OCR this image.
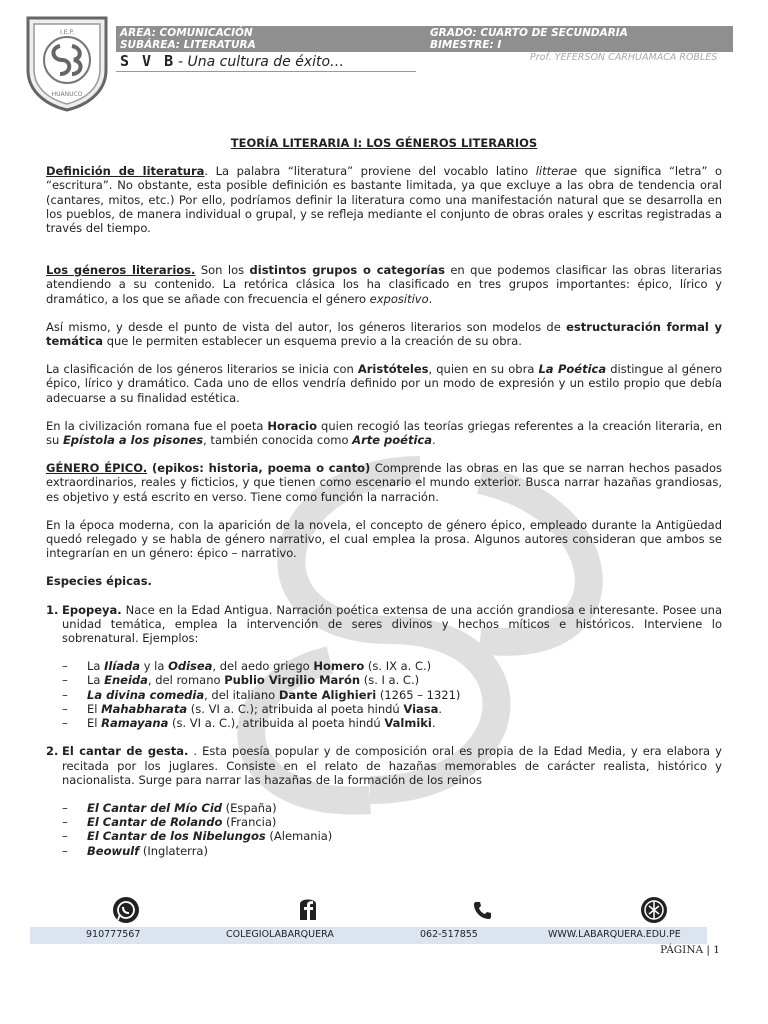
I.E.P.
HUANUCO
AREA: COMUNICACIÓN
SUBÁREA: LITERATURA
GRADO: CUARTO DE SECUNDARIA
BIMESTRE: I
S V B - Una cultura de éxito…	Prof. YEFERSON CARHUAMACA ROBLES
TEORÍA LITERARIA I: LOS GÉNEROS LITERARIOS

Definición de literatura. La palabra “literatura” proviene del vocablo latino litterae que significa “letra” o “escritura”. No obstante, esta posible definición es bastante limitada, ya que excluye a las obra de tendencia oral (cantares, mitos, etc.) Por ello, podríamos definir la literatura como una manifestación natural que se desarrolla en los pueblos, de manera individual o grupal, y se refleja mediante el conjunto de obras orales y escritas registradas a través del tiempo.

Los géneros literarios. Son los distintos grupos o categorías en que podemos clasificar las obras literarias atendiendo a su contenido. La retórica clásica los ha clasificado en tres grupos importantes: épico, lírico y dramático, a los que se añade con frecuencia el género expositivo.

Así mismo, y desde el punto de vista del autor, los géneros literarios son modelos de estructuración formal y temática que le permiten establecer un esquema previo a la creación de su obra.

La clasificación de los géneros literarios se inicia con Aristóteles, quien en su obra La Poética distingue al género épico, lírico y dramático. Cada uno de ellos vendría definido por un modo de expresión y un estilo propio que debía adecuarse a su finalidad estética.

En la civilización romana fue el poeta Horacio quien recogió las teorías griegas referentes a la creación literaria, en su Epístola a los pisones, también conocida como Arte poética.

GÉNERO ÉPICO. (epikos: historia, poema o canto) Comprende las obras en las que se narran hechos pasados extraordinarios, reales y ficticios, y que tienen como escenario el mundo exterior. Busca narrar hazañas grandiosas, es objetivo y está escrito en verso. Tiene como función la narración.

En la época moderna, con la aparición de la novela, el concepto de género épico, empleado durante la Antigüedad quedó relegado y se habla de género narrativo, el cual emplea la prosa. Algunos autores consideran que ambos se integrarían en un género: épico – narrativo.

Especies épicas.

1. Epopeya. Nace en la Edad Antigua. Narración poética extensa de una acción grandiosa e interesante. Posee una unidad temática, emplea la intervención de seres divinos y hechos míticos e históricos. Interviene lo sobrenatural. Ejemplos:
– La Ilíada y la Odisea, del aedo griego Homero (s. IX a. C.)
– La Eneida, del romano Publio Virgilio Marón (s. I a. C.)
– La divina comedia, del italiano Dante Alighieri (1265 – 1321)
– El Mahabharata (s. VI a. C.); atribuida al poeta hindú Viasa.
– El Ramayana (s. VI a. C.), atribuida al poeta hindú Valmiki.
2. El cantar de gesta. . Esta poesía popular y de composición oral es propia de la Edad Media, y era elabora y recitada por los juglares. Consiste en el relato de hazañas memorables de carácter realista, histórico y nacionalista. Surge para narrar las hazañas de la formación de los reinos
– El Cantar del Mío Cid (España)
– El Cantar de Rolando (Francia)
– El Cantar de los Nibelungos (Alemania)
– Beowulf (Inglaterra)
910777567	COLEGIOLABARQUERA	062-517855	WWW.LABARQUERA.EDU.PE
PÁGINA | 1
